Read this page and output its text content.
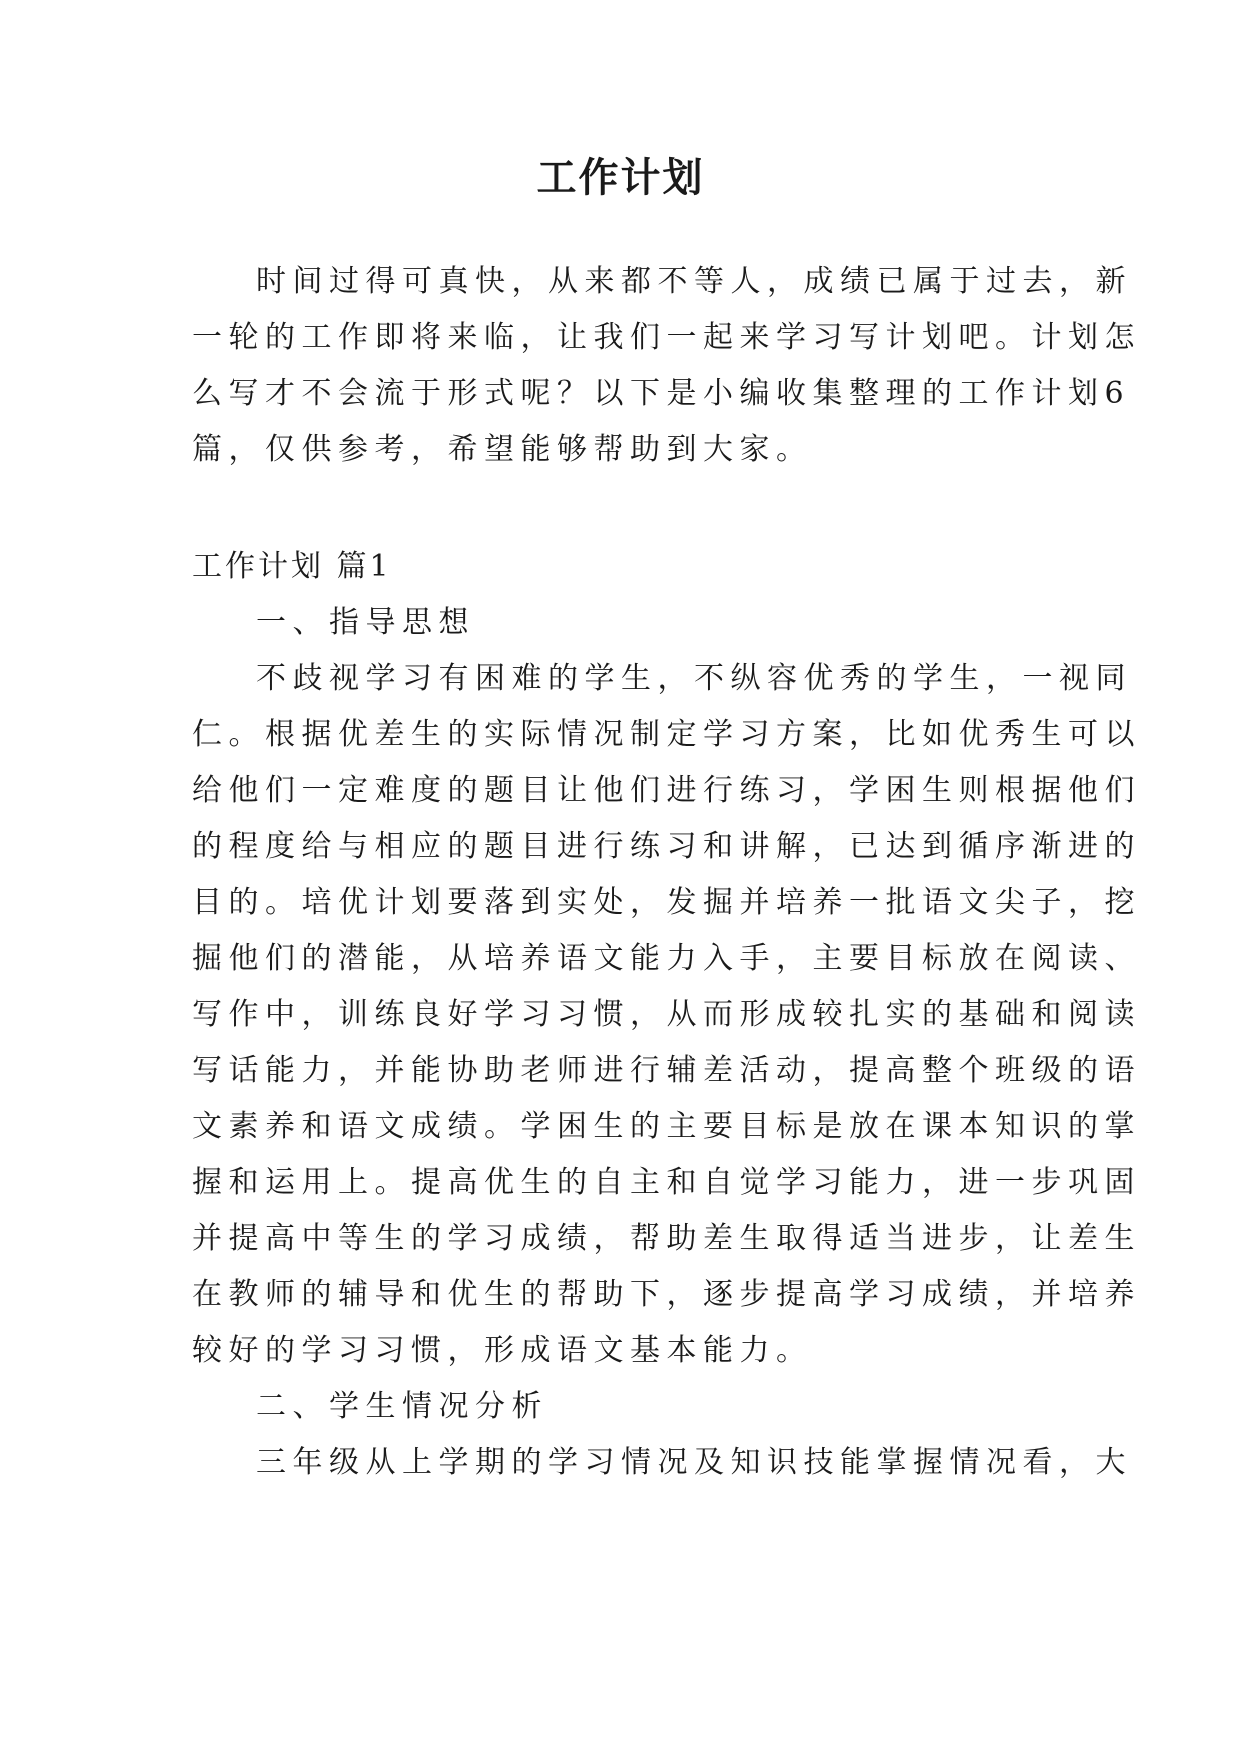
工作计划
时间过得可真快，从来都不等人，成绩已属于过去，新
一轮的工作即将来临，让我们一起来学习写计划吧。计划怎
么写才不会流于形式呢？以下是小编收集整理的工作计划6
篇，仅供参考，希望能够帮助到大家。
工作计划 篇1
一、指导思想
不歧视学习有困难的学生，不纵容优秀的学生，一视同
仁。根据优差生的实际情况制定学习方案，比如优秀生可以
给他们一定难度的题目让他们进行练习，学困生则根据他们
的程度给与相应的题目进行练习和讲解，已达到循序渐进的
目的。培优计划要落到实处，发掘并培养一批语文尖子，挖
掘他们的潜能，从培养语文能力入手，主要目标放在阅读、
写作中，训练良好学习习惯，从而形成较扎实的基础和阅读
写话能力，并能协助老师进行辅差活动，提高整个班级的语
文素养和语文成绩。学困生的主要目标是放在课本知识的掌
握和运用上。提高优生的自主和自觉学习能力，进一步巩固
并提高中等生的学习成绩，帮助差生取得适当进步，让差生
在教师的辅导和优生的帮助下，逐步提高学习成绩，并培养
较好的学习习惯，形成语文基本能力。
二、学生情况分析
三年级从上学期的学习情况及知识技能掌握情况看，大
